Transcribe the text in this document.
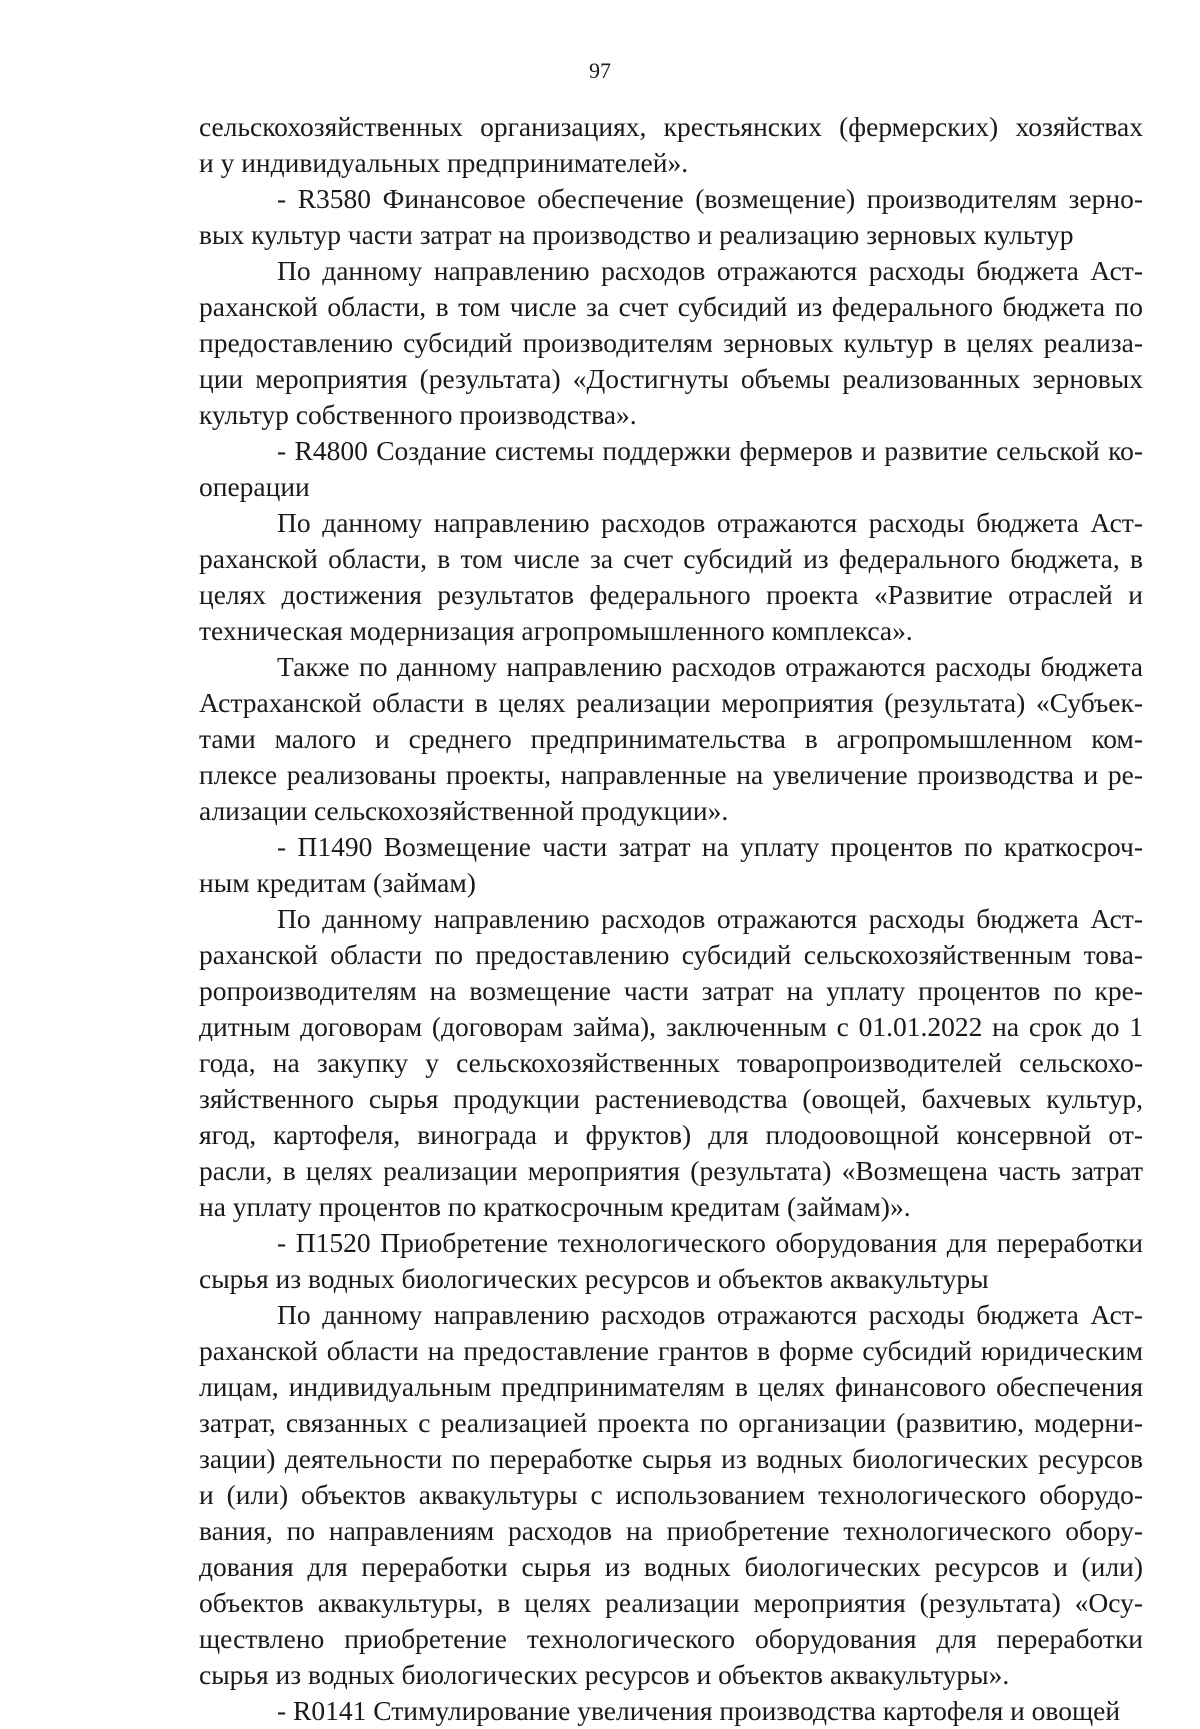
97
сельскохозяйственных организациях, крестьянских (фермерских) хозяйствах
и у индивидуальных предпринимателей».
- R3580 Финансовое обеспечение (возмещение) производителям зерно-
вых культур части затрат на производство и реализацию зерновых культур
По данному направлению расходов отражаются расходы бюджета Аст-
раханской области, в том числе за счет субсидий из федерального бюджета по
предоставлению субсидий производителям зерновых культур в целях реализа-
ции мероприятия (результата) «Достигнуты объемы реализованных зерновых
культур собственного производства».
- R4800 Создание системы поддержки фермеров и развитие сельской ко-
операции
По данному направлению расходов отражаются расходы бюджета Аст-
раханской области, в том числе за счет субсидий из федерального бюджета, в
целях достижения результатов федерального проекта «Развитие отраслей и
техническая модернизация агропромышленного комплекса».
Также по данному направлению расходов отражаются расходы бюджета
Астраханской области в целях реализации мероприятия (результата) «Субъек-
тами малого и среднего предпринимательства в агропромышленном ком-
плексе реализованы проекты, направленные на увеличение производства и ре-
ализации сельскохозяйственной продукции».
- П1490 Возмещение части затрат на уплату процентов по краткосроч-
ным кредитам (займам)
По данному направлению расходов отражаются расходы бюджета Аст-
раханской области по предоставлению субсидий сельскохозяйственным това-
ропроизводителям на возмещение части затрат на уплату процентов по кре-
дитным договорам (договорам займа), заключенным с 01.01.2022 на срок до 1
года, на закупку у сельскохозяйственных товаропроизводителей сельскохо-
зяйственного сырья продукции растениеводства (овощей, бахчевых культур,
ягод, картофеля, винограда и фруктов) для плодоовощной консервной от-
расли, в целях реализации мероприятия (результата) «Возмещена часть затрат
на уплату процентов по краткосрочным кредитам (займам)».
- П1520 Приобретение технологического оборудования для переработки
сырья из водных биологических ресурсов и объектов аквакультуры
По данному направлению расходов отражаются расходы бюджета Аст-
раханской области на предоставление грантов в форме субсидий юридическим
лицам, индивидуальным предпринимателям в целях финансового обеспечения
затрат, связанных с реализацией проекта по организации (развитию, модерни-
зации) деятельности по переработке сырья из водных биологических ресурсов
и (или) объектов аквакультуры с использованием технологического оборудо-
вания, по направлениям расходов на приобретение технологического обору-
дования для переработки сырья из водных биологических ресурсов и (или)
объектов аквакультуры, в целях реализации мероприятия (результата) «Осу-
ществлено приобретение технологического оборудования для переработки
сырья из водных биологических ресурсов и объектов аквакультуры».
- R0141 Стимулирование увеличения производства картофеля и овощей
